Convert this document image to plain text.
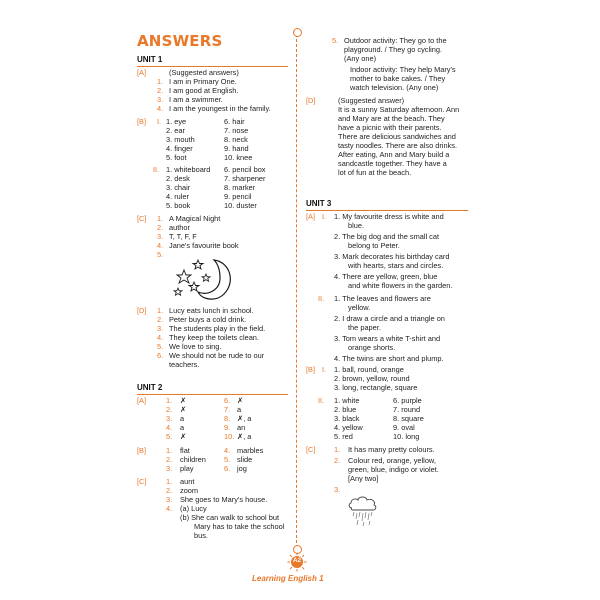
ANSWERS
UNIT 1
[A]	(Suggested answers)
1. I am in Primary One.
2. I am good at English.
3. I am a swimmer.
4. I am the youngest in the family.
[B] I. 1. eye	6. hair
2. ear	7. nose
3. mouth	8. neck
4. finger	9. hand
5. foot	10. knee
II. 1. whiteboard 6. pencil box
2. desk	7. sharpener
3. chair	8. marker
4. ruler	9. pencil
5. book	10. duster
[C] 1. A Magical Night
2. author
3. T, T, F, F
4. Jane's favourite book
5.
[D] 1. Lucy eats lunch in school.
2. Peter buys a cold drink.
3. The students play in the field.
4. They keep the toilets clean.
5. We love to sing.
6. We should not be rude to our
teachers.
UNIT 2
[A]	1. ✗	6. ✗
2. ✗	7. a
3. a	8. ✗, a
4. a	9. an
5. ✗	10. ✗, a
[B]	1. flat	4. marbles
2. children 5. slide
3. play	6. jog
[C]	1. aunt
2. zoom
3. She goes to Mary's house.
4. (a) Lucy
(b) She can walk to school but
Mary has to take the school
bus.
5. Outdoor activity: They go to the
playground. / They go cycling.
(Any one)
Indoor activity: They help Mary's
mother to bake cakes. / They
watch television. (Any one)
[D]	(Suggested answer)
It is a sunny Saturday afternoon. Ann
and Mary are at the beach. They
have a picnic with their parents.
There are delicious sandwiches and
tasty noodles. There are also drinks.
After eating, Ann and Mary build a
sandcastle together. They have a
lot of fun at the beach.
UNIT 3
[A] I. 1. My favourite dress is white and
blue.
2. The big dog and the small cat
belong to Peter.
3. Mark decorates his birthday card
with hearts, stars and circles.
4. There are yellow, green, blue
and white flowers in the garden.
II. 1. The leaves and flowers are
yellow.
2. I draw a circle and a triangle on
the paper.
3. Tom wears a white T-shirt and
orange shorts.
4. The twins are short and plump.
[B] I. 1. ball, round, orange
2. brown, yellow, round
3. long, rectangle, square
II. 1. white	6. purple
2. blue	7. round
3. black	8. square
4. yellow	9. oval
5. red	10. long
[C]	1. It has many pretty colours.
2. Colour red, orange, yellow,
green, blue, indigo or violet.
[Any two]
3.
A2
Learning English 1
